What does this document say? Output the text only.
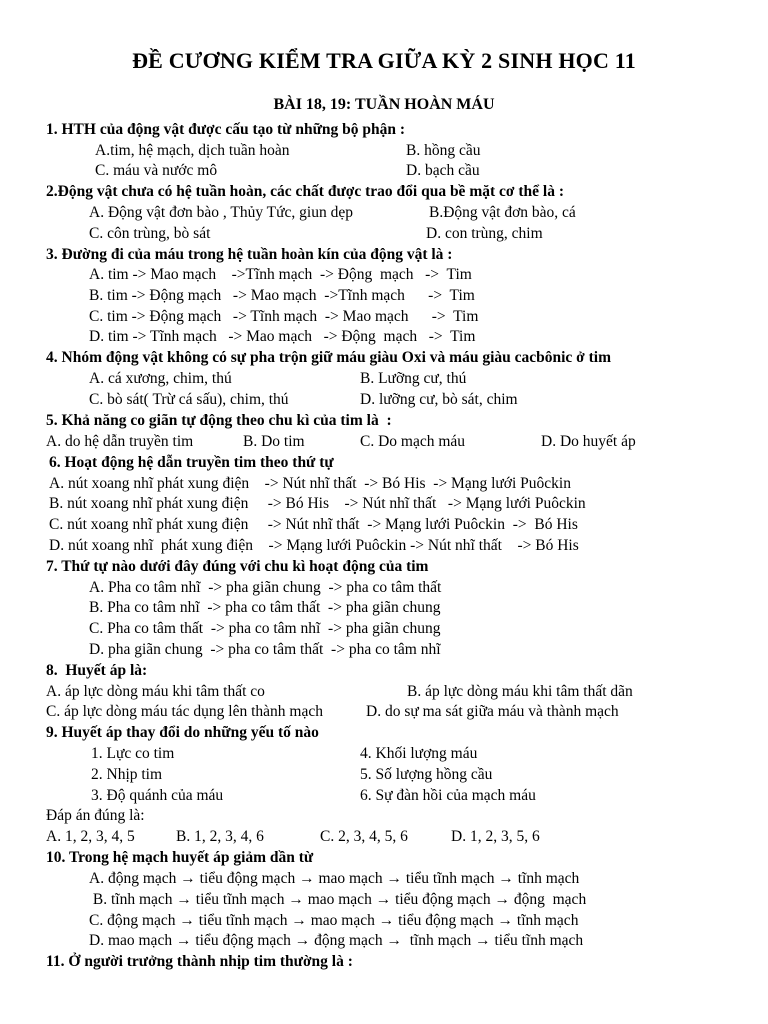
ĐỀ CƯƠNG KIỂM TRA GIỮA KỲ 2 SINH HỌC 11
BÀI 18, 19: TUẦN HOÀN MÁU
1. HTH của động vật được cấu tạo từ những bộ phận :
A.tim, hệ mạch, dịch tuần hoàn	B. hồng cầu
C. máu và nước mô	D. bạch cầu
2.Động vật chưa có hệ tuần hoàn, các chất được trao đổi qua bề mặt cơ thể là :
A. Động vật đơn bào , Thủy Tức, giun dẹp	B.Động vật đơn bào, cá
C. côn trùng, bò sát	D. con trùng, chim
3. Đường đi của máu trong hệ tuần hoàn kín của động vật là :
A. tim -> Mao mạch    ->Tĩnh mạch  -> Động  mạch   ->  Tim
B. tim -> Động mạch   -> Mao mạch  ->Tĩnh mạch      ->  Tim
C. tim -> Động mạch   -> Tĩnh mạch  -> Mao mạch      ->  Tim
D. tim -> Tĩnh mạch   -> Mao mạch   -> Động  mạch   ->  Tim
4. Nhóm động vật không có sự pha trộn giữ máu giàu Oxi và máu giàu cacbônic ở tim
A. cá xương, chim, thú	B. Lưỡng cư, thú
C. bò sát( Trừ cá sấu), chim, thú	D. lưỡng cư, bò sát, chim
5. Khả năng co giãn tự động theo chu kì của tim là  :
A. do hệ dẫn truyền tim	B. Do tim	C. Do mạch máu	D. Do huyết áp
6. Hoạt động hệ dẫn truyền tim theo thứ tự
A. nút xoang nhĩ phát xung điện    -> Nút nhĩ thất  -> Bó His  -> Mạng lưới Puôckin
B. nút xoang nhĩ phát xung điện     -> Bó His    -> Nút nhĩ thất   -> Mạng lưới Puôckin
C. nút xoang nhĩ phát xung điện     -> Nút nhĩ thất  -> Mạng lưới Puôckin  ->  Bó His
D. nút xoang nhĩ  phát xung điện    -> Mạng lưới Puôckin -> Nút nhĩ thất    -> Bó His
7. Thứ tự nào dưới đây đúng với chu kì hoạt động của tim
A. Pha co tâm nhĩ  -> pha giãn chung  -> pha co tâm thất
B. Pha co tâm nhĩ  -> pha co tâm thất  -> pha giãn chung
C. Pha co tâm thất  -> pha co tâm nhĩ  -> pha giãn chung
D. pha giãn chung  -> pha co tâm thất  -> pha co tâm nhĩ
8.  Huyết áp là:
A. áp lực dòng máu khi tâm thất co	B. áp lực dòng máu khi tâm thất dãn
C. áp lực dòng máu tác dụng lên thành mạch	D. do sự ma sát giữa máu và thành mạch
9. Huyết áp thay đổi do những yếu tố nào
1. Lực co tim	4. Khối lượng máu
2. Nhịp tim	5. Số lượng hồng cầu
3. Độ quánh của máu	6. Sự đàn hồi của mạch máu
Đáp án đúng là:
A. 1, 2, 3, 4, 5	B. 1, 2, 3, 4, 6	C. 2, 3, 4, 5, 6	D. 1, 2, 3, 5, 6
10. Trong hệ mạch huyết áp giảm dần từ
A. động mạch → tiểu động mạch → mao mạch → tiểu tĩnh mạch → tĩnh mạch
B. tĩnh mạch → tiểu tĩnh mạch → mao mạch → tiểu động mạch → động  mạch
C. động mạch → tiểu tĩnh mạch → mao mạch → tiểu động mạch → tĩnh mạch
D. mao mạch → tiểu động mạch → động mạch →  tĩnh mạch → tiểu tĩnh mạch
11. Ở người trưởng thành nhịp tim thường là :
